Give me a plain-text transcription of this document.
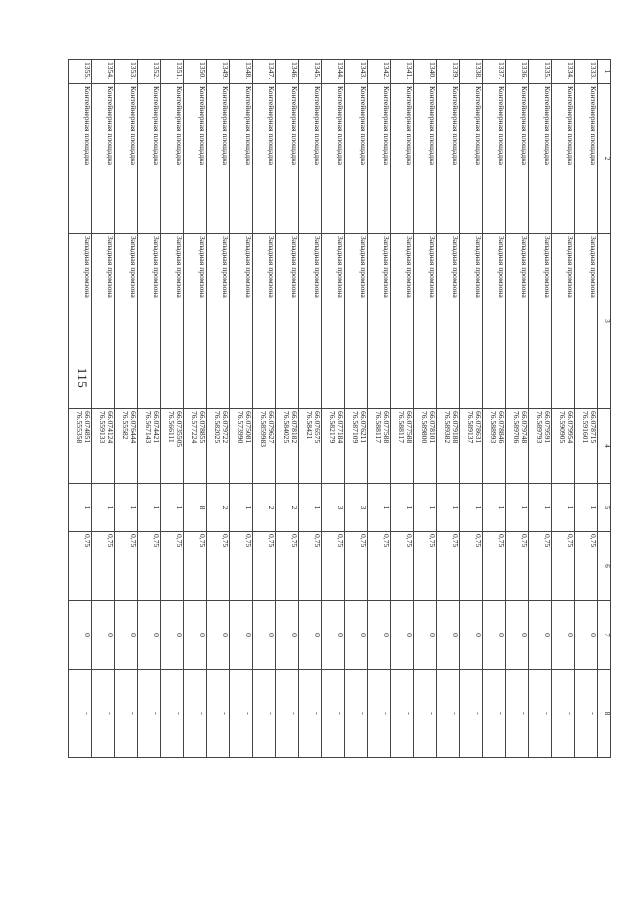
115
1	2	3	4	5	6	7	8
1333.	Контейнерная площадка	Западная промзона	66.078715
76.591601	1	0,75	0	-
1334.	Контейнерная площадка	Западная промзона	66.079954
76.590905	1	0,75	0	-
1335.	Контейнерная площадка	Западная промзона	66.079591
76.589793	1	0,75	0	-
1336.	Контейнерная площадка	Западная промзона	66.079748
76.589706	1	0,75	0	-
1337.	Контейнерная площадка	Западная промзона	66.078846
76.588993	1	0,75	0	-
1338.	Контейнерная площадка	Западная промзона	66.078631
76.589137	1	0,75	0	-
1339.	Контейнерная площадка	Западная промзона	66.079188
76.589382	1	0,75	0	-
1340.	Контейнерная площадка	Западная промзона	66.078101
76.589800	1	0,75	0	-
1341.	Контейнерная площадка	Западная промзона	66.077588
76.588117	1	0,75	0	-
1342.	Контейнерная площадка	Западная промзона	66.077588
76.588117	1	0,75	0	-
1343.	Контейнерная площадка	Западная промзона	66.076211
76.587109	3	0,75	0	-
1344.	Контейнерная площадка	Западная промзона	66.077184
76.582179	3	0,75	0	-
1345.	Контейнерная площадка	Западная промзона	66.076575
76.58421	1	0,75	0	-
1346.	Контейнерная площадка	Западная промзона	66.078182
76.584025	2	0,75	0	-
1347.	Контейнерная площадка	Западная промзона	66.079627
76.5859983	2	0,75	0	-
1348.	Контейнерная площадка	Западная промзона	66.075081
76.573990	1	0,75	0	-
1349.	Контейнерная площадка	Западная промзона	66.079722
76.582025	2	0,75	0	-
1350.	Контейнерная площадка	Западная промзона	66.078855
76.577224	8	0,75	0	-
1351.	Контейнерная площадка	Западная промзона	66.0735505
76.566111	1	0,75	0	-
1352.	Контейнерная площадка	Западная промзона	66.074421
76.567143	1	0,75	0	-
1353.	Контейнерная площадка	Западная промзона	66.076444
76.55582	1	0,75	0	-
1354.	Контейнерная площадка	Западная промзона	66.074124
76.559133	1	0,75	0	-
1355.	Контейнерная площадка	Западная промзона	66.074851
76.555358	1	0,75	0	-
